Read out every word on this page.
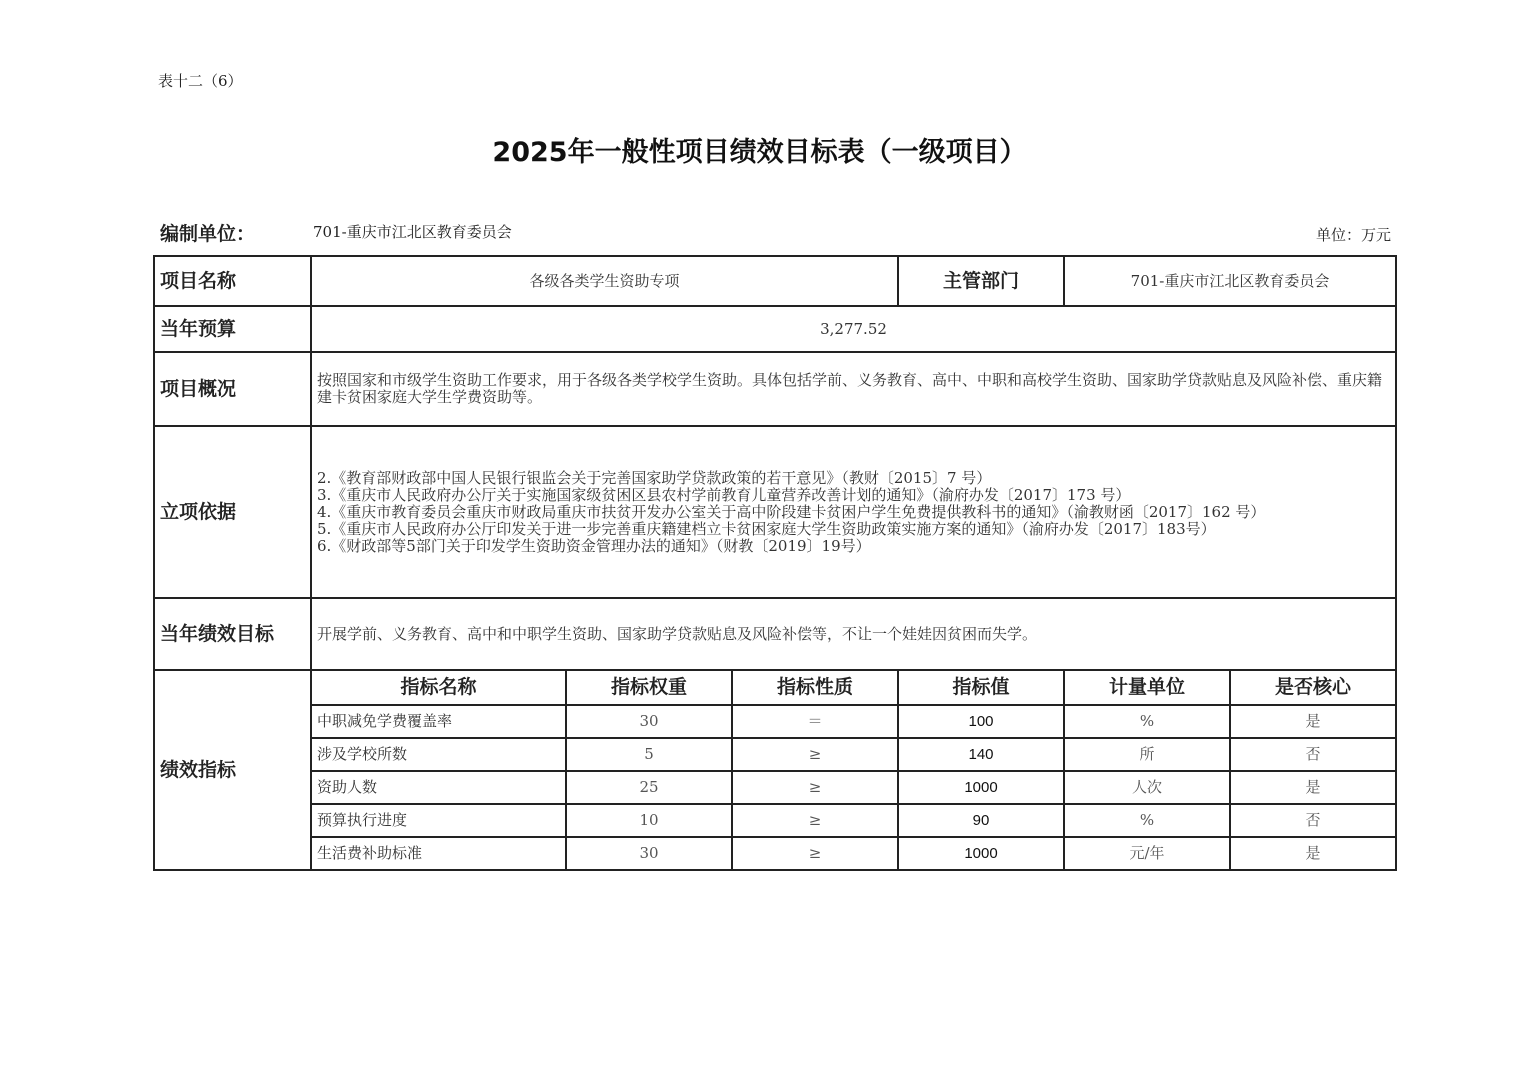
表十二（6）
2025年一般性项目绩效目标表（一级项目）
编制单位：	701-重庆市江北区教育委员会	单位：万元
项目名称	各级各类学生资助专项			主管部门	701-重庆市江北区教育委员会	
当年预算	3,277.52					
项目概况	按照国家和市级学生资助工作要求，用于各级各类学校学生资助。具体包括学前、义务教育、高中、中职和高校学生资助、国家助学贷款贴息及风险补偿、重庆籍建卡贫困家庭大学生学费资助等。					
立项依据	2.《教育部财政部中国人民银行银监会关于完善国家助学贷款政策的若干意见》（教财〔2015〕7 号）
3.《重庆市人民政府办公厅关于实施国家级贫困区县农村学前教育儿童营养改善计划的通知》（渝府办发〔2017〕173 号）
4.《重庆市教育委员会重庆市财政局重庆市扶贫开发办公室关于高中阶段建卡贫困户学生免费提供教科书的通知》（渝教财函〔2017〕162 号）
5.《重庆市人民政府办公厅印发关于进一步完善重庆籍建档立卡贫困家庭大学生资助政策实施方案的通知》（渝府办发〔2017〕183号）
6.《财政部等5部门关于印发学生资助资金管理办法的通知》（财教〔2019〕19号）					

当年绩效目标	开展学前、义务教育、高中和中职学生资助、国家助学贷款贴息及风险补偿等，不让一个娃娃因贫困而失学。					
绩效指标	指标名称	指标权重	指标性质	指标值	计量单位	是否核心
	中职减免学费覆盖率	30	＝	100	%	是
	涉及学校所数	5	≥	140	所	否
	资助人数	25	≥	1000	人次	是
	预算执行进度	10	≥	90	%	否
	生活费补助标准	30	≥	1000	元/年	是
